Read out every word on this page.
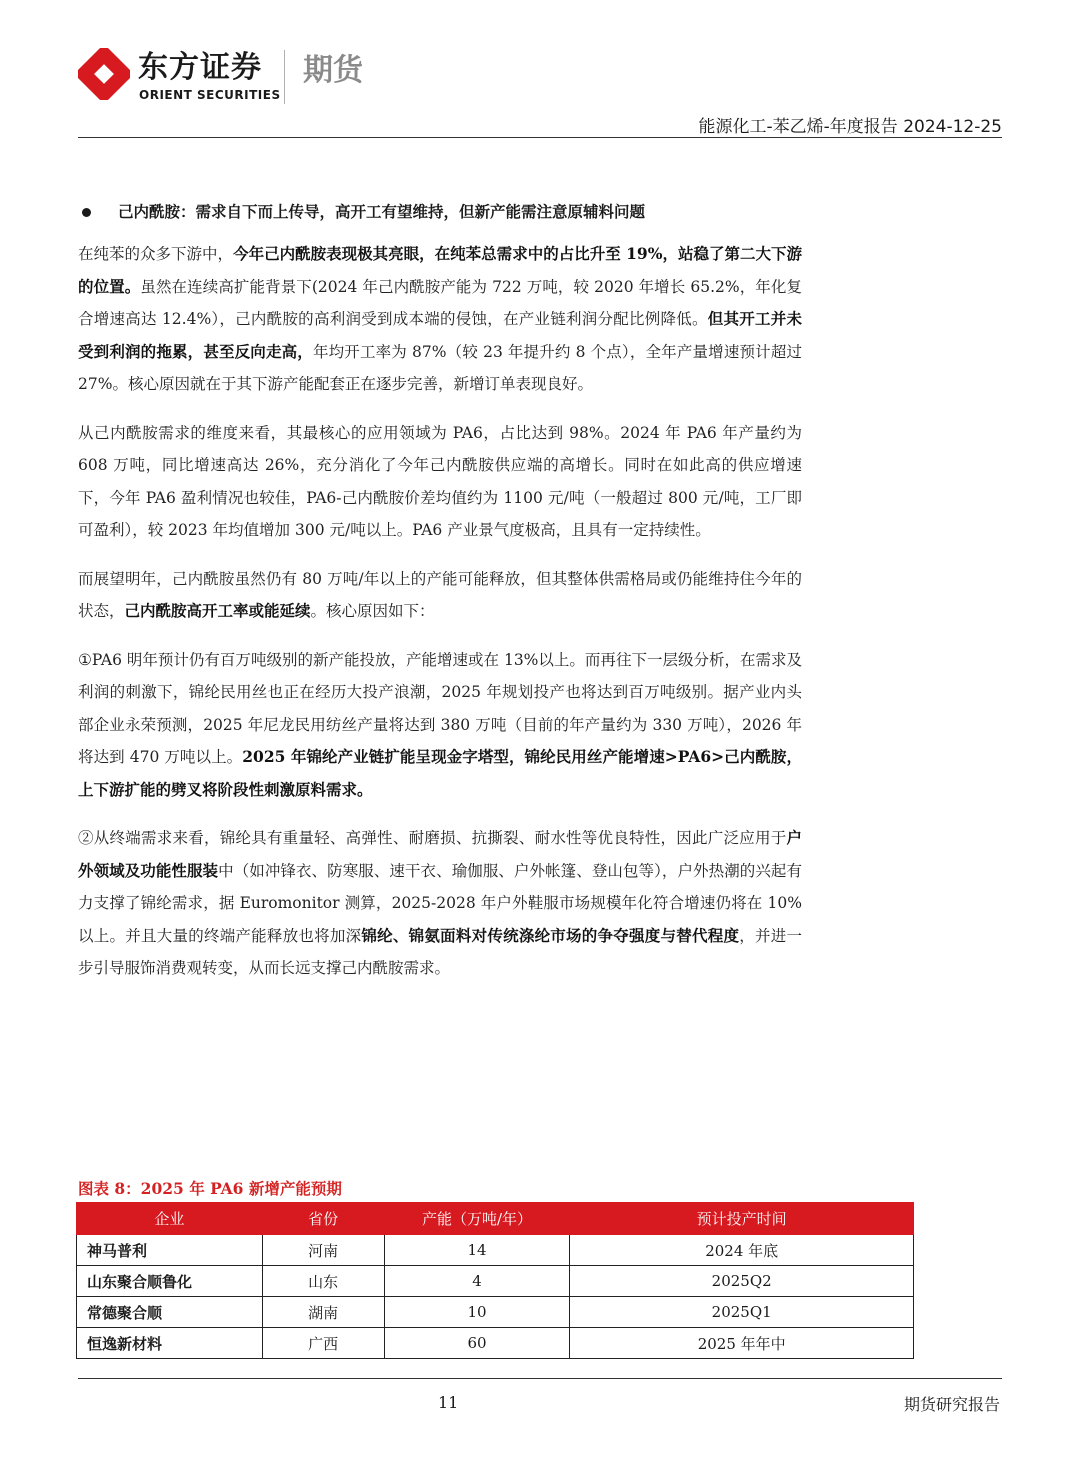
东方证券
ORIENT SECURITIES
期货
能源化工-苯乙烯-年度报告 2024-12-25
己内酰胺：需求自下而上传导，高开工有望维持，但新产能需注意原辅料问题

在纯苯的众多下游中，今年己内酰胺表现极其亮眼，在纯苯总需求中的占比升至 19%，站稳了第二大下游的位置。虽然在连续高扩能背景下(2024 年己内酰胺产能为 722 万吨，较 2020 年增长 65.2%，年化复合增速高达 12.4%），己内酰胺的高利润受到成本端的侵蚀，在产业链利润分配比例降低。但其开工并未受到利润的拖累，甚至反向走高，年均开工率为 87%（较 23 年提升约 8 个点），全年产量增速预计超过 27%。核心原因就在于其下游产能配套正在逐步完善，新增订单表现良好。

从己内酰胺需求的维度来看，其最核心的应用领域为 PA6，占比达到 98%。2024 年 PA6 年产量约为 608 万吨，同比增速高达 26%，充分消化了今年己内酰胺供应端的高增长。同时在如此高的供应增速下，今年 PA6 盈利情况也较佳，PA6-己内酰胺价差均值约为 1100 元/吨（一般超过 800 元/吨，工厂即可盈利），较 2023 年均值增加 300 元/吨以上。PA6 产业景气度极高，且具有一定持续性。

而展望明年，己内酰胺虽然仍有 80 万吨/年以上的产能可能释放，但其整体供需格局或仍能维持住今年的状态，己内酰胺高开工率或能延续。核心原因如下：

①PA6 明年预计仍有百万吨级别的新产能投放，产能增速或在 13%以上。而再往下一层级分析，在需求及利润的刺激下，锦纶民用丝也正在经历大投产浪潮，2025 年规划投产也将达到百万吨级别。据产业内头部企业永荣预测，2025 年尼龙民用纺丝产量将达到 380 万吨（目前的年产量约为 330 万吨），2026 年将达到 470 万吨以上。2025 年锦纶产业链扩能呈现金字塔型，锦纶民用丝产能增速>PA6>己内酰胺，上下游扩能的劈叉将阶段性刺激原料需求。

②从终端需求来看，锦纶具有重量轻、高弹性、耐磨损、抗撕裂、耐水性等优良特性，因此广泛应用于户外领域及功能性服装中（如冲锋衣、防寒服、速干衣、瑜伽服、户外帐篷、登山包等），户外热潮的兴起有力支撑了锦纶需求，据 Euromonitor 测算，2025-2028 年户外鞋服市场规模年化符合增速仍将在 10%以上。并且大量的终端产能释放也将加深锦纶、锦氨面料对传统涤纶市场的争夺强度与替代程度，并进一步引导服饰消费观转变，从而长远支撑己内酰胺需求。

图表 8：2025 年 PA6 新增产能预期
企业	省份	产能（万吨/年）	预计投产时间
神马普利	河南	14	2024 年底
山东聚合顺鲁化	山东	4	2025Q2
常德聚合顺	湖南	10	2025Q1
恒逸新材料	广西	60	2025 年年中
11	期货研究报告
